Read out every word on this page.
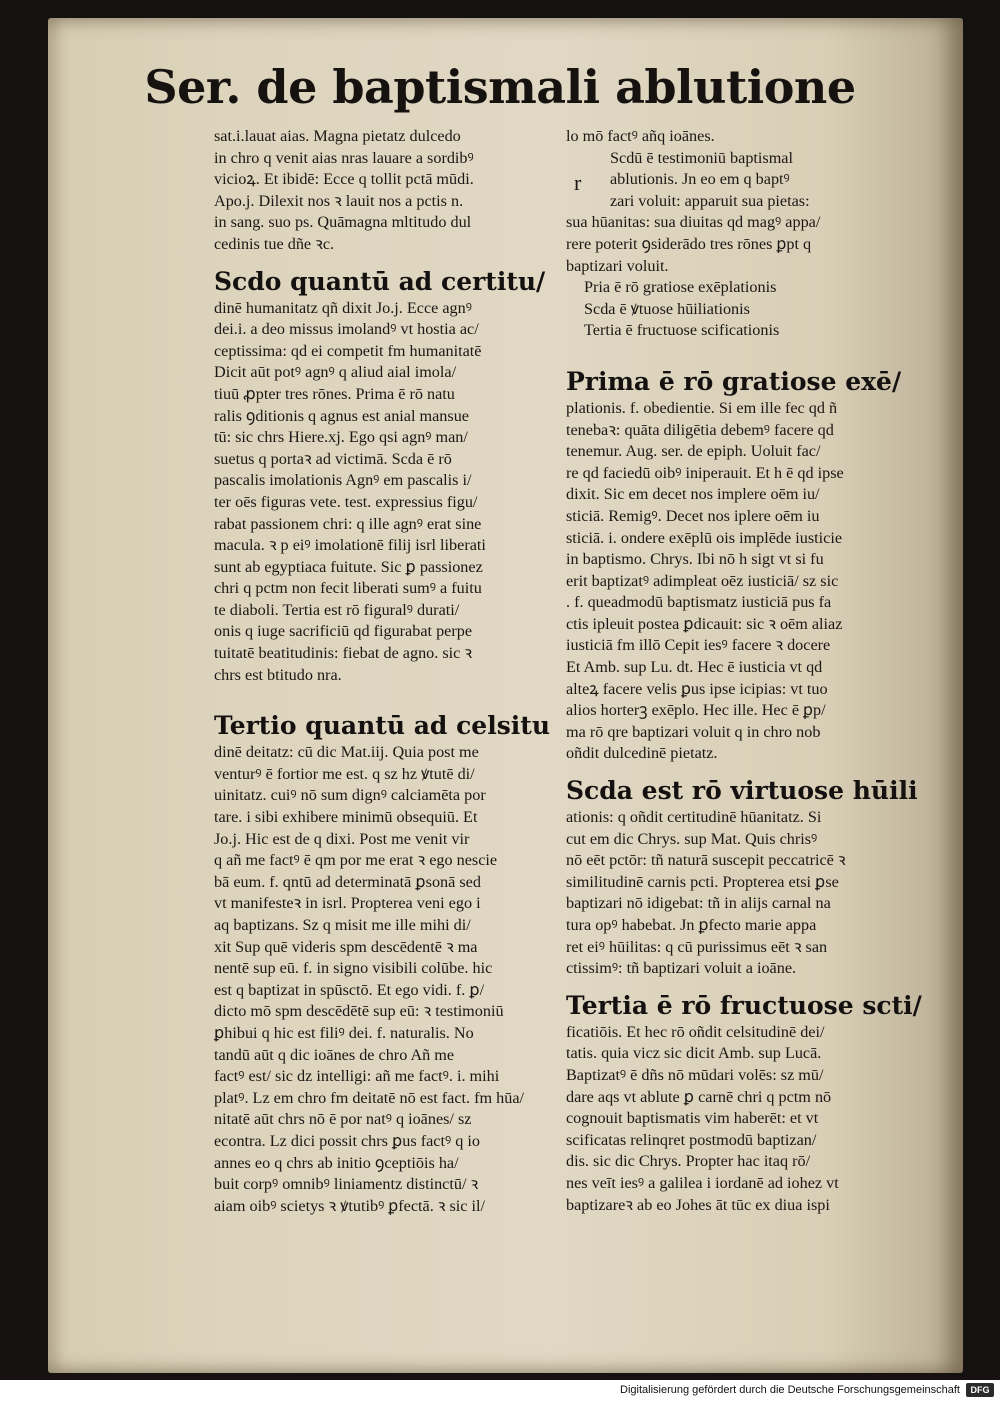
Ser. de baptismali ablutione
sat.i.lauat aias. Magna pietatz dulcedo
in chro q venit aias nras lauare a sordibꝰ
vicioꝝ. Et ibidē: Ecce q tollit pctā mūdi.
Apo.j. Dilexit nos ꝛ lauit nos a pctis n.
in sang. suo ps. Quāmagna mltitudo dul
cedinis tue dñe ꝛc.
Scdo quantū ad certitu/
dinē humanitatz qñ dixit Jo.j. Ecce agnꝰ
dei.i. a deo missus imolandꝰ vt hostia ac/
ceptissima: qd ei competit fm humanitatē
Dicit aūt potꝰ agnꝰ q aliud aial imola/
tiuū ꝓpter tres rōnes. Prima ē rō natu
ralis ꝯditionis q agnus est anial mansue
tū: sic chrs Hiere.xj. Ego qsi agnꝰ man/
suetus q portaꝛ ad victimā. Scda ē rō
pascalis imolationis Agnꝰ em pascalis i/
ter oēs figuras vete. test. expressius figu/
rabat passionem chri: q ille agnꝰ erat sine
macula. ꝛ p eiꝰ imolationē filij isrl liberati
sunt ab egyptiaca fuitute. Sic ꝑ passionez
chri q pctm non fecit liberati sumꝰ a fuitu
te diaboli. Tertia est rō figuralꝰ durati/
onis q iuge sacrificiū qd figurabat perpe
tuitatē beatitudinis: fiebat de agno. sic ꝛ
chrs est btitudo nra.
Tertio quantū ad celsitu
dinē deitatz: cū dic Mat.iij. Quia post me
venturꝰ ē fortior me est. q sz hz ꝟtutē di/
uinitatz. cuiꝰ nō sum dignꝰ calciamēta por
tare. i sibi exhibere minimū obsequiū. Et
Jo.j. Hic est de q dixi. Post me venit vir
q añ me factꝰ ē qm por me erat ꝛ ego nescie
bā eum. f. qntū ad determinatā ꝑsonā sed
vt manifesteꝛ in isrl. Propterea veni ego i
aq baptizans. Sz q misit me ille mihi di/
xit Sup quē videris spm descēdentē ꝛ ma
nentē sup eū. f. in signo visibili colūbe. hic
est q baptizat in spūsctō. Et ego vidi. f. ꝑ/
dicto mō spm descēdētē sup eū: ꝛ testimoniū
ꝑhibui q hic est filiꝰ dei. f. naturalis. No
tandū aūt q dic ioānes de chro Añ me
factꝰ est/ sic dz intelligi: añ me factꝰ. i. mihi
platꝰ. Lz em chro fm deitatē nō est fact. fm hūa/
nitatē aūt chrs nō ē por natꝰ q ioānes/ sz
econtra. Lz dici possit chrs ꝑus factꝰ q io
annes eo q chrs ab initio ꝯceptiōis ha/
buit corpꝰ omnibꝰ liniamentz distinctū/ ꝛ
aiam oibꝰ scietys ꝛ ꝟtutibꝰ ꝑfectā. ꝛ sic il/
lo mō factꝰ añq ioānes.
Scdū ē testimoniū baptismal
ablutionis. Jn eo em q baptꝰ
zari voluit: apparuit sua pietas:
sua hūanitas: sua diuitas qd magꝰ appa/
rere poterit ꝯsiderādo tres rōnes ꝑpt q
baptizari voluit.
Pria ē rō gratiose exēplationis
Scda ē ꝟtuose hūiliationis
Tertia ē fructuose scificationis
Prima ē rō gratiose exē/
plationis. f. obedientie. Si em ille fec qd ñ
tenebaꝛ: quāta diligētia debemꝰ facere qd
tenemur. Aug. ser. de epiph. Uoluit fac/
re qd faciedū oibꝰ iniperauit. Et h ē qd ipse
dixit. Sic em decet nos implere oēm iu/
sticiā. Remigꝰ. Decet nos iplere oēm iu
sticiā. i. ondere exēplū ois implēde iusticie
in baptismo. Chrys. Ibi nō h sigt vt si fu
erit baptizatꝰ adimpleat oēz iusticiā/ sz sic
. f. queadmodū baptismatz iusticiā pus fa
ctis ipleuit postea ꝑdicauit: sic ꝛ oēm aliaz
iusticiā fm illō Cepit iesꝰ facere ꝛ docere
Et Amb. sup Lu. dt. Hec ē iusticia vt qd
alteꝝ facere velis ꝑus ipse icipias: vt tuo
alios horterꝫ exēplo. Hec ille. Hec ē ꝑp/
ma rō qre baptizari voluit q in chro nob
oñdit dulcedinē pietatz.
Scda est rō virtuose hūili
ationis: q oñdit certitudinē hūanitatz. Si
cut em dic Chrys. sup Mat. Quis chrisꝰ
nō eēt pctōr: tñ naturā suscepit peccatricē ꝛ
similitudinē carnis pcti. Propterea etsi ꝑse
baptizari nō idigebat: tñ in alijs carnal na
tura opꝰ habebat. Jn ꝑfecto marie appa
ret eiꝰ hūilitas: q cū purissimus eēt ꝛ san
ctissimꝰ: tñ baptizari voluit a ioāne.
Tertia ē rō fructuose scti/
ficatiōis. Et hec rō oñdit celsitudinē dei/
tatis. quia vicz sic dicit Amb. sup Lucā.
Baptizatꝰ ē dñs nō mūdari volēs: sz mū/
dare aqs vt ablute ꝑ carnē chri q pctm nō
cognouit baptismatis vim haberēt: et vt
scificatas relinqret postmodū baptizan/
dis. sic dic Chrys. Propter hac itaq rō/
nes veīt iesꝰ a galilea i iordanē ad iohez vt
baptizareꝛ ab eo Johes āt tūc ex diua ispi
r
Digitalisierung gefördert durch die Deutsche Forschungsgemeinschaft	DFG
